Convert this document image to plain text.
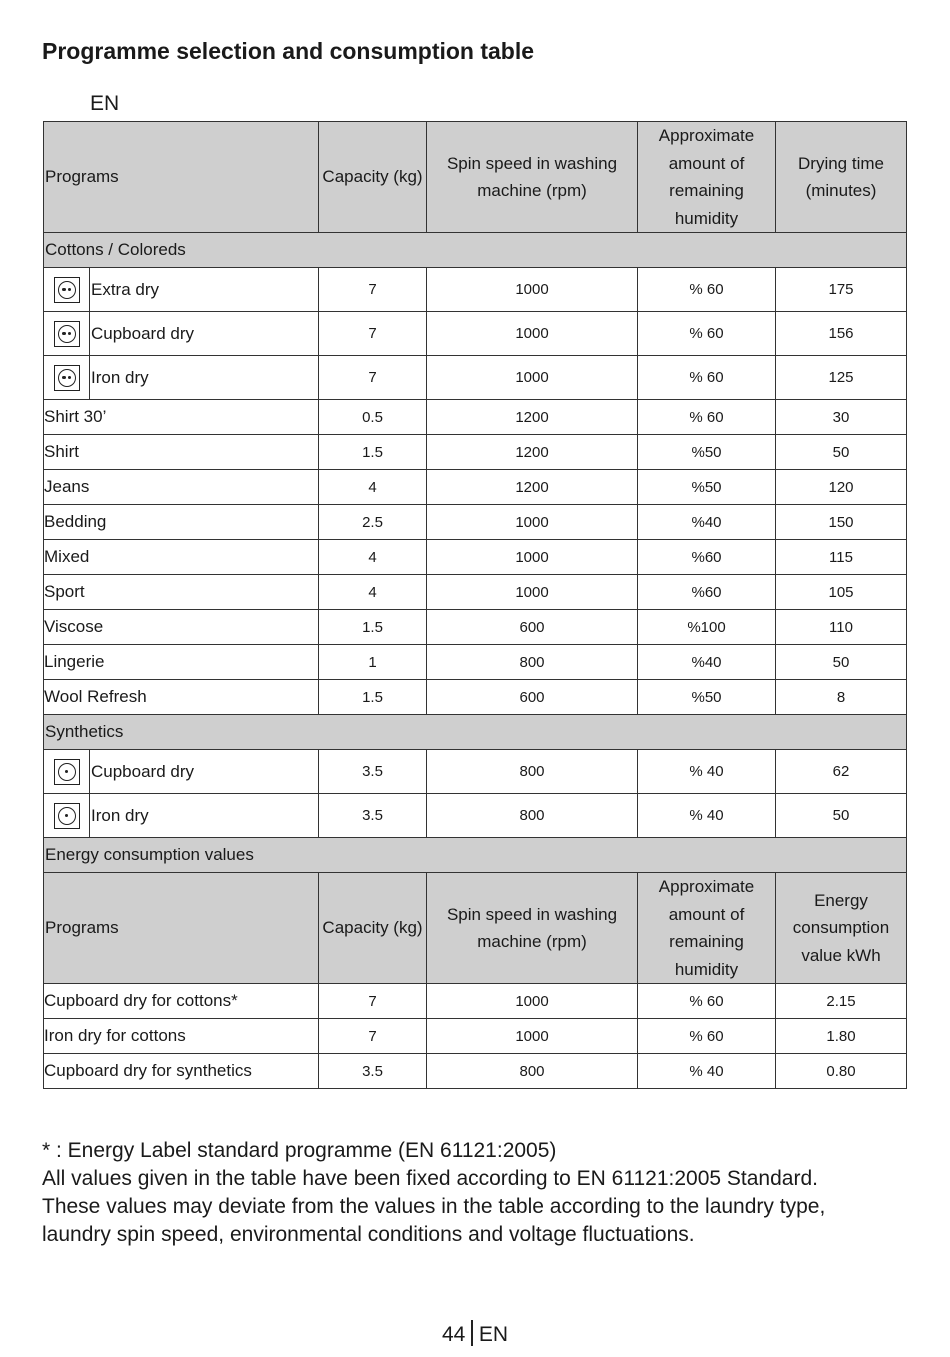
Programme selection and consumption table
EN
Programs	Capacity (kg)	Spin speed in washing machine (rpm)	Approximate amount of remaining humidity	Drying time (minutes)
Cottons / Coloreds				

Extra dry	7	1000	% 60	175

Cupboard dry	7	1000	% 60	156

Iron dry	7	1000	% 60	125
Shirt 30’	0.5	1200	% 60	30
Shirt	1.5	1200	%50	50
Jeans	4	1200	%50	120
Bedding	2.5	1000	%40	150
Mixed	4	1000	%60	115
Sport	4	1000	%60	105
Viscose	1.5	600	%100	110
Lingerie	1	800	%40	50
Wool Refresh	1.5	600	%50	8
Synthetics				

Cupboard dry	3.5	800	% 40	62

Iron dry	3.5	800	% 40	50
Energy consumption values				
Programs	Capacity (kg)	Spin speed in washing machine (rpm)	Approximate amount of remaining humidity	Energy consumption value kWh
Cupboard dry for cottons*	7	1000	% 60	2.15
Iron dry for cottons	7	1000	% 60	1.80
Cupboard dry for synthetics	3.5	800	% 40	0.80
* : Energy Label standard programme (EN 61121:2005)
All values given in the table have been fixed according to EN 61121:2005 Standard.
These values may deviate from the values in the table according to the laundry type,
laundry spin speed, environmental conditions and voltage fluctuations.
44 EN
